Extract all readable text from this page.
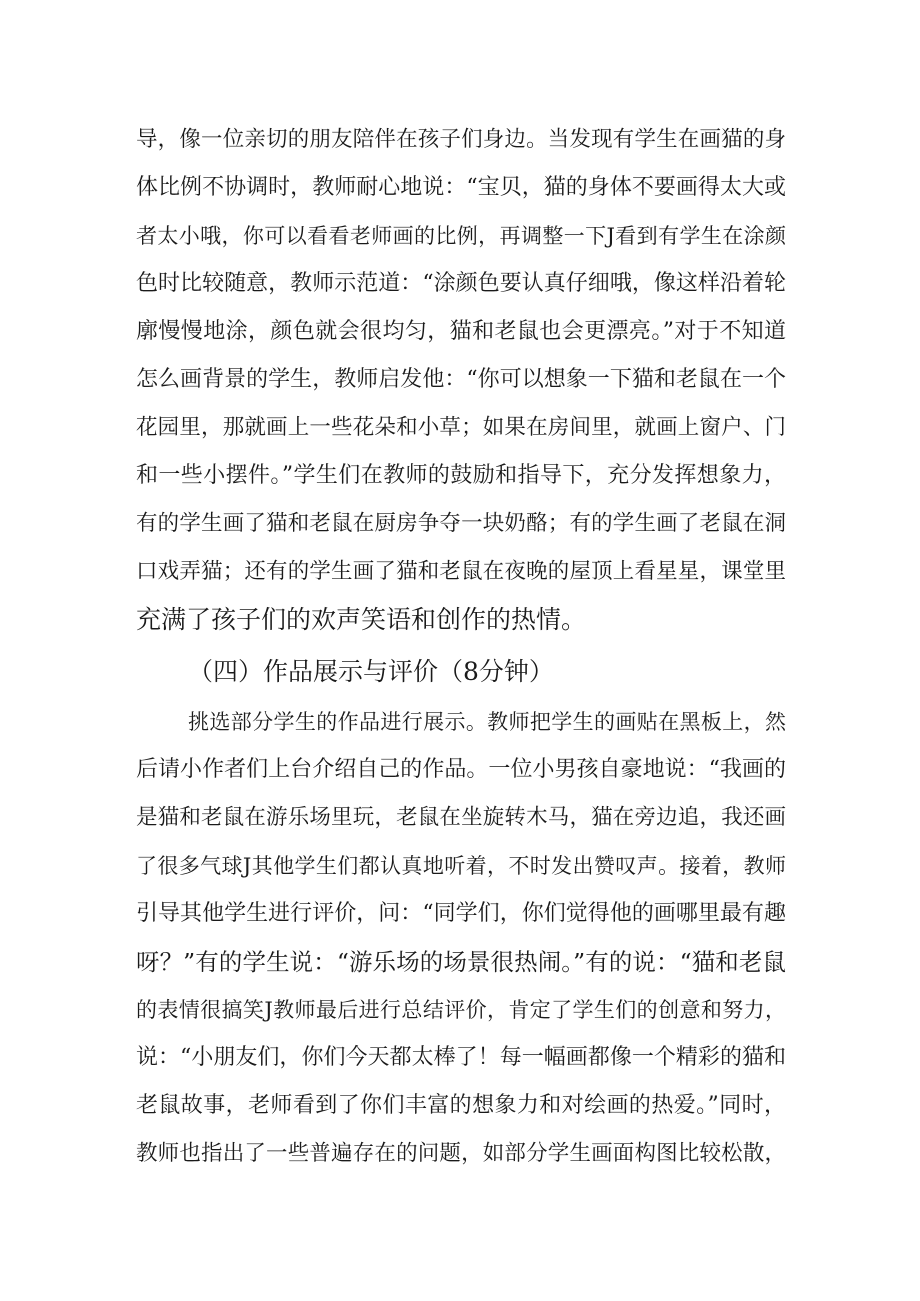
导，像一位亲切的朋友陪伴在孩子们身边。当发现有学生在画猫的身
体比例不协调时，教师耐心地说：“宝贝，猫的身体不要画得太大或
者太小哦，你可以看看老师画的比例，再调整一下J看到有学生在涂颜
色时比较随意，教师示范道：“涂颜色要认真仔细哦，像这样沿着轮
廓慢慢地涂，颜色就会很均匀，猫和老鼠也会更漂亮。”对于不知道
怎么画背景的学生，教师启发他：“你可以想象一下猫和老鼠在一个
花园里，那就画上一些花朵和小草；如果在房间里，就画上窗户、门
和一些小摆件。”学生们在教师的鼓励和指导下，充分发挥想象力，
有的学生画了猫和老鼠在厨房争夺一块奶酪；有的学生画了老鼠在洞
口戏弄猫；还有的学生画了猫和老鼠在夜晚的屋顶上看星星，课堂里
充满了孩子们的欢声笑语和创作的热情。
（四）作品展示与评价（8分钟）
挑选部分学生的作品进行展示。教师把学生的画贴在黑板上，然
后请小作者们上台介绍自己的作品。一位小男孩自豪地说：“我画的
是猫和老鼠在游乐场里玩，老鼠在坐旋转木马，猫在旁边追，我还画
了很多气球J其他学生们都认真地听着，不时发出赞叹声。接着，教师
引导其他学生进行评价，问：“同学们，你们觉得他的画哪里最有趣
呀？”有的学生说：“游乐场的场景很热闹。”有的说：“猫和老鼠
的表情很搞笑J教师最后进行总结评价，肯定了学生们的创意和努力，
说：“小朋友们，你们今天都太棒了！每一幅画都像一个精彩的猫和
老鼠故事，老师看到了你们丰富的想象力和对绘画的热爱。”同时，
教师也指出了一些普遍存在的问题，如部分学生画面构图比较松散，
